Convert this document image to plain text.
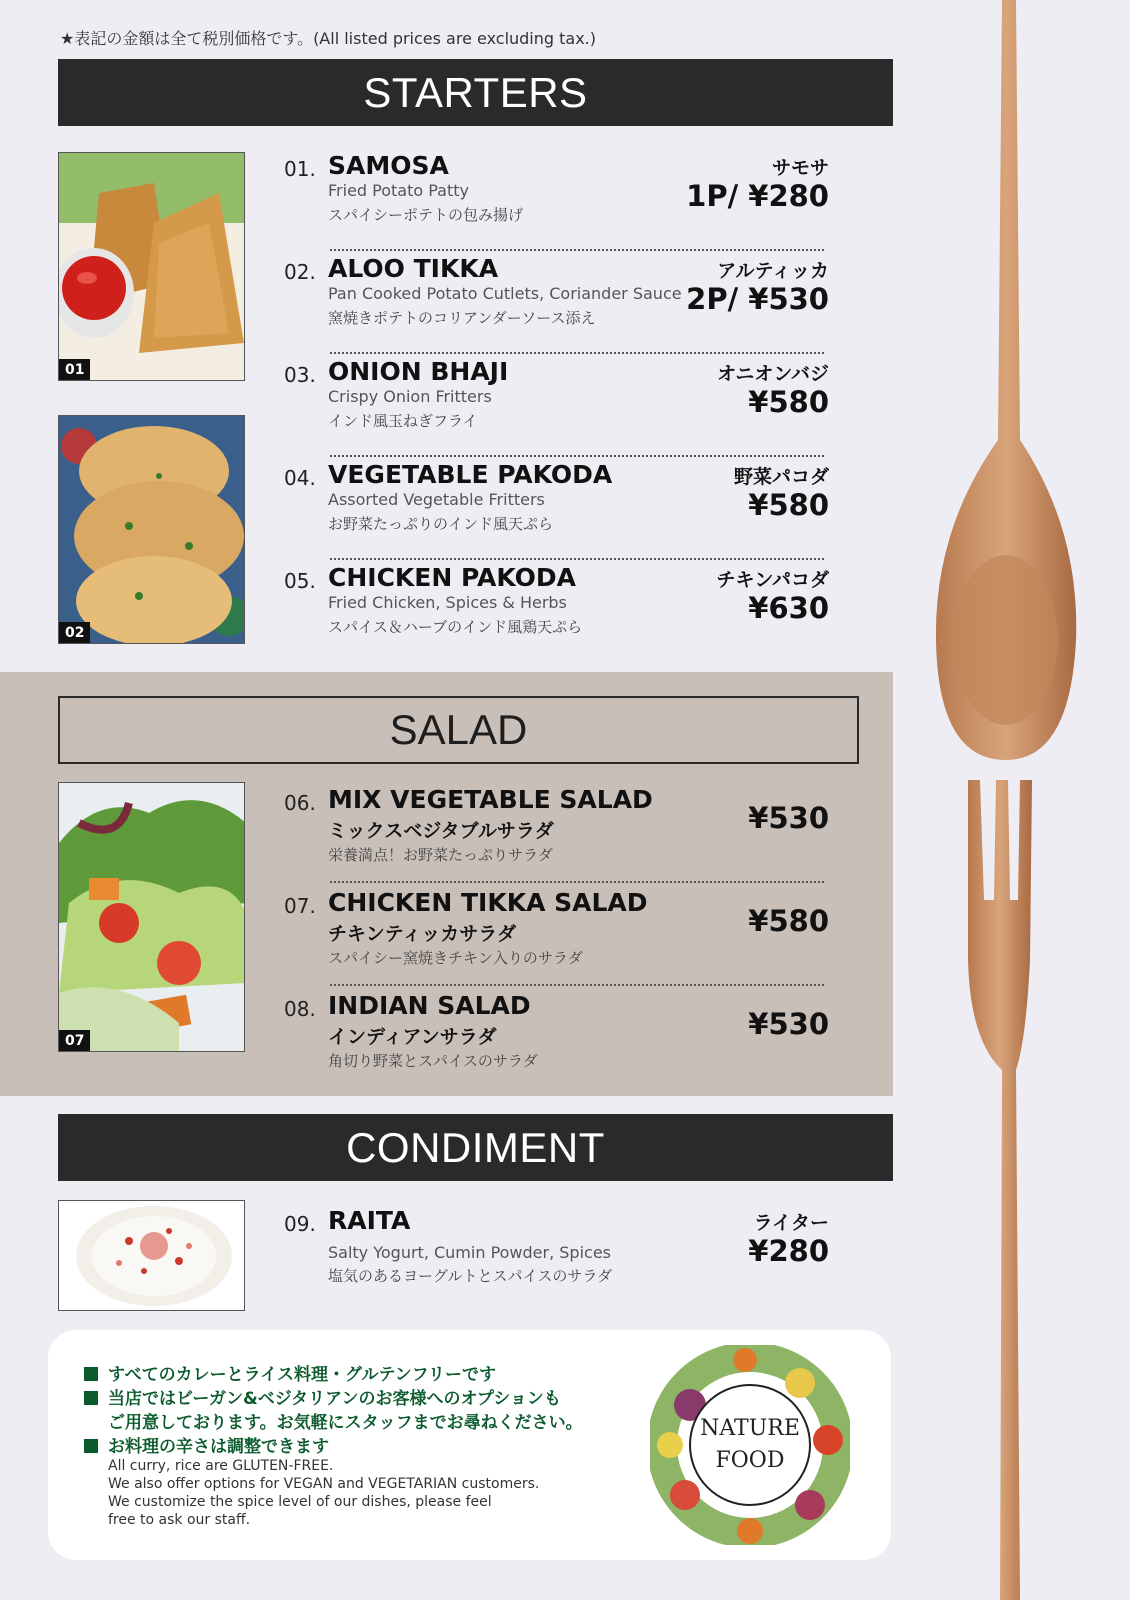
★表記の金額は全て税別価格です。(All listed prices are excluding tax.)
STARTERS
01
02
01. SAMOSA
Fried Potato Patty
スパイシーポテトの包み揚げ
サモサ
1P/ ¥280
02. ALOO TIKKA
Pan Cooked Potato Cutlets, Coriander Sauce
窯焼きポテトのコリアンダーソース添え
アルティッカ
2P/ ¥530
03. ONION BHAJI
Crispy Onion Fritters
インド風玉ねぎフライ
オニオンバジ
¥580
04. VEGETABLE PAKODA
Assorted Vegetable Fritters
お野菜たっぷりのインド風天ぷら
野菜パコダ
¥580
05. CHICKEN PAKODA
Fried Chicken, Spices & Herbs
スパイス＆ハーブのインド風鶏天ぷら
チキンパコダ
¥630
SALAD
07
06. MIX VEGETABLE SALAD
ミックスベジタブルサラダ
栄養満点！お野菜たっぷりサラダ
¥530
07. CHICKEN TIKKA SALAD
チキンティッカサラダ
スパイシー窯焼きチキン入りのサラダ
¥580
08. INDIAN SALAD
インディアンサラダ
角切り野菜とスパイスのサラダ
¥530
CONDIMENT
09. RAITA
Salty Yogurt, Cumin Powder, Spices
塩気のあるヨーグルトとスパイスのサラダ
ライター
¥280
すべてのカレーとライス料理・グルテンフリーです
当店ではビーガン&ベジタリアンのお客様へのオプションも
ご用意しております。お気軽にスタッフまでお尋ねください。
お料理の辛さは調整できます
All curry, rice are GLUTEN-FREE.
We also offer options for VEGAN and VEGETARIAN customers.
We customize the spice level of our dishes, please feel
free to ask our staff.
NATURE
FOOD
